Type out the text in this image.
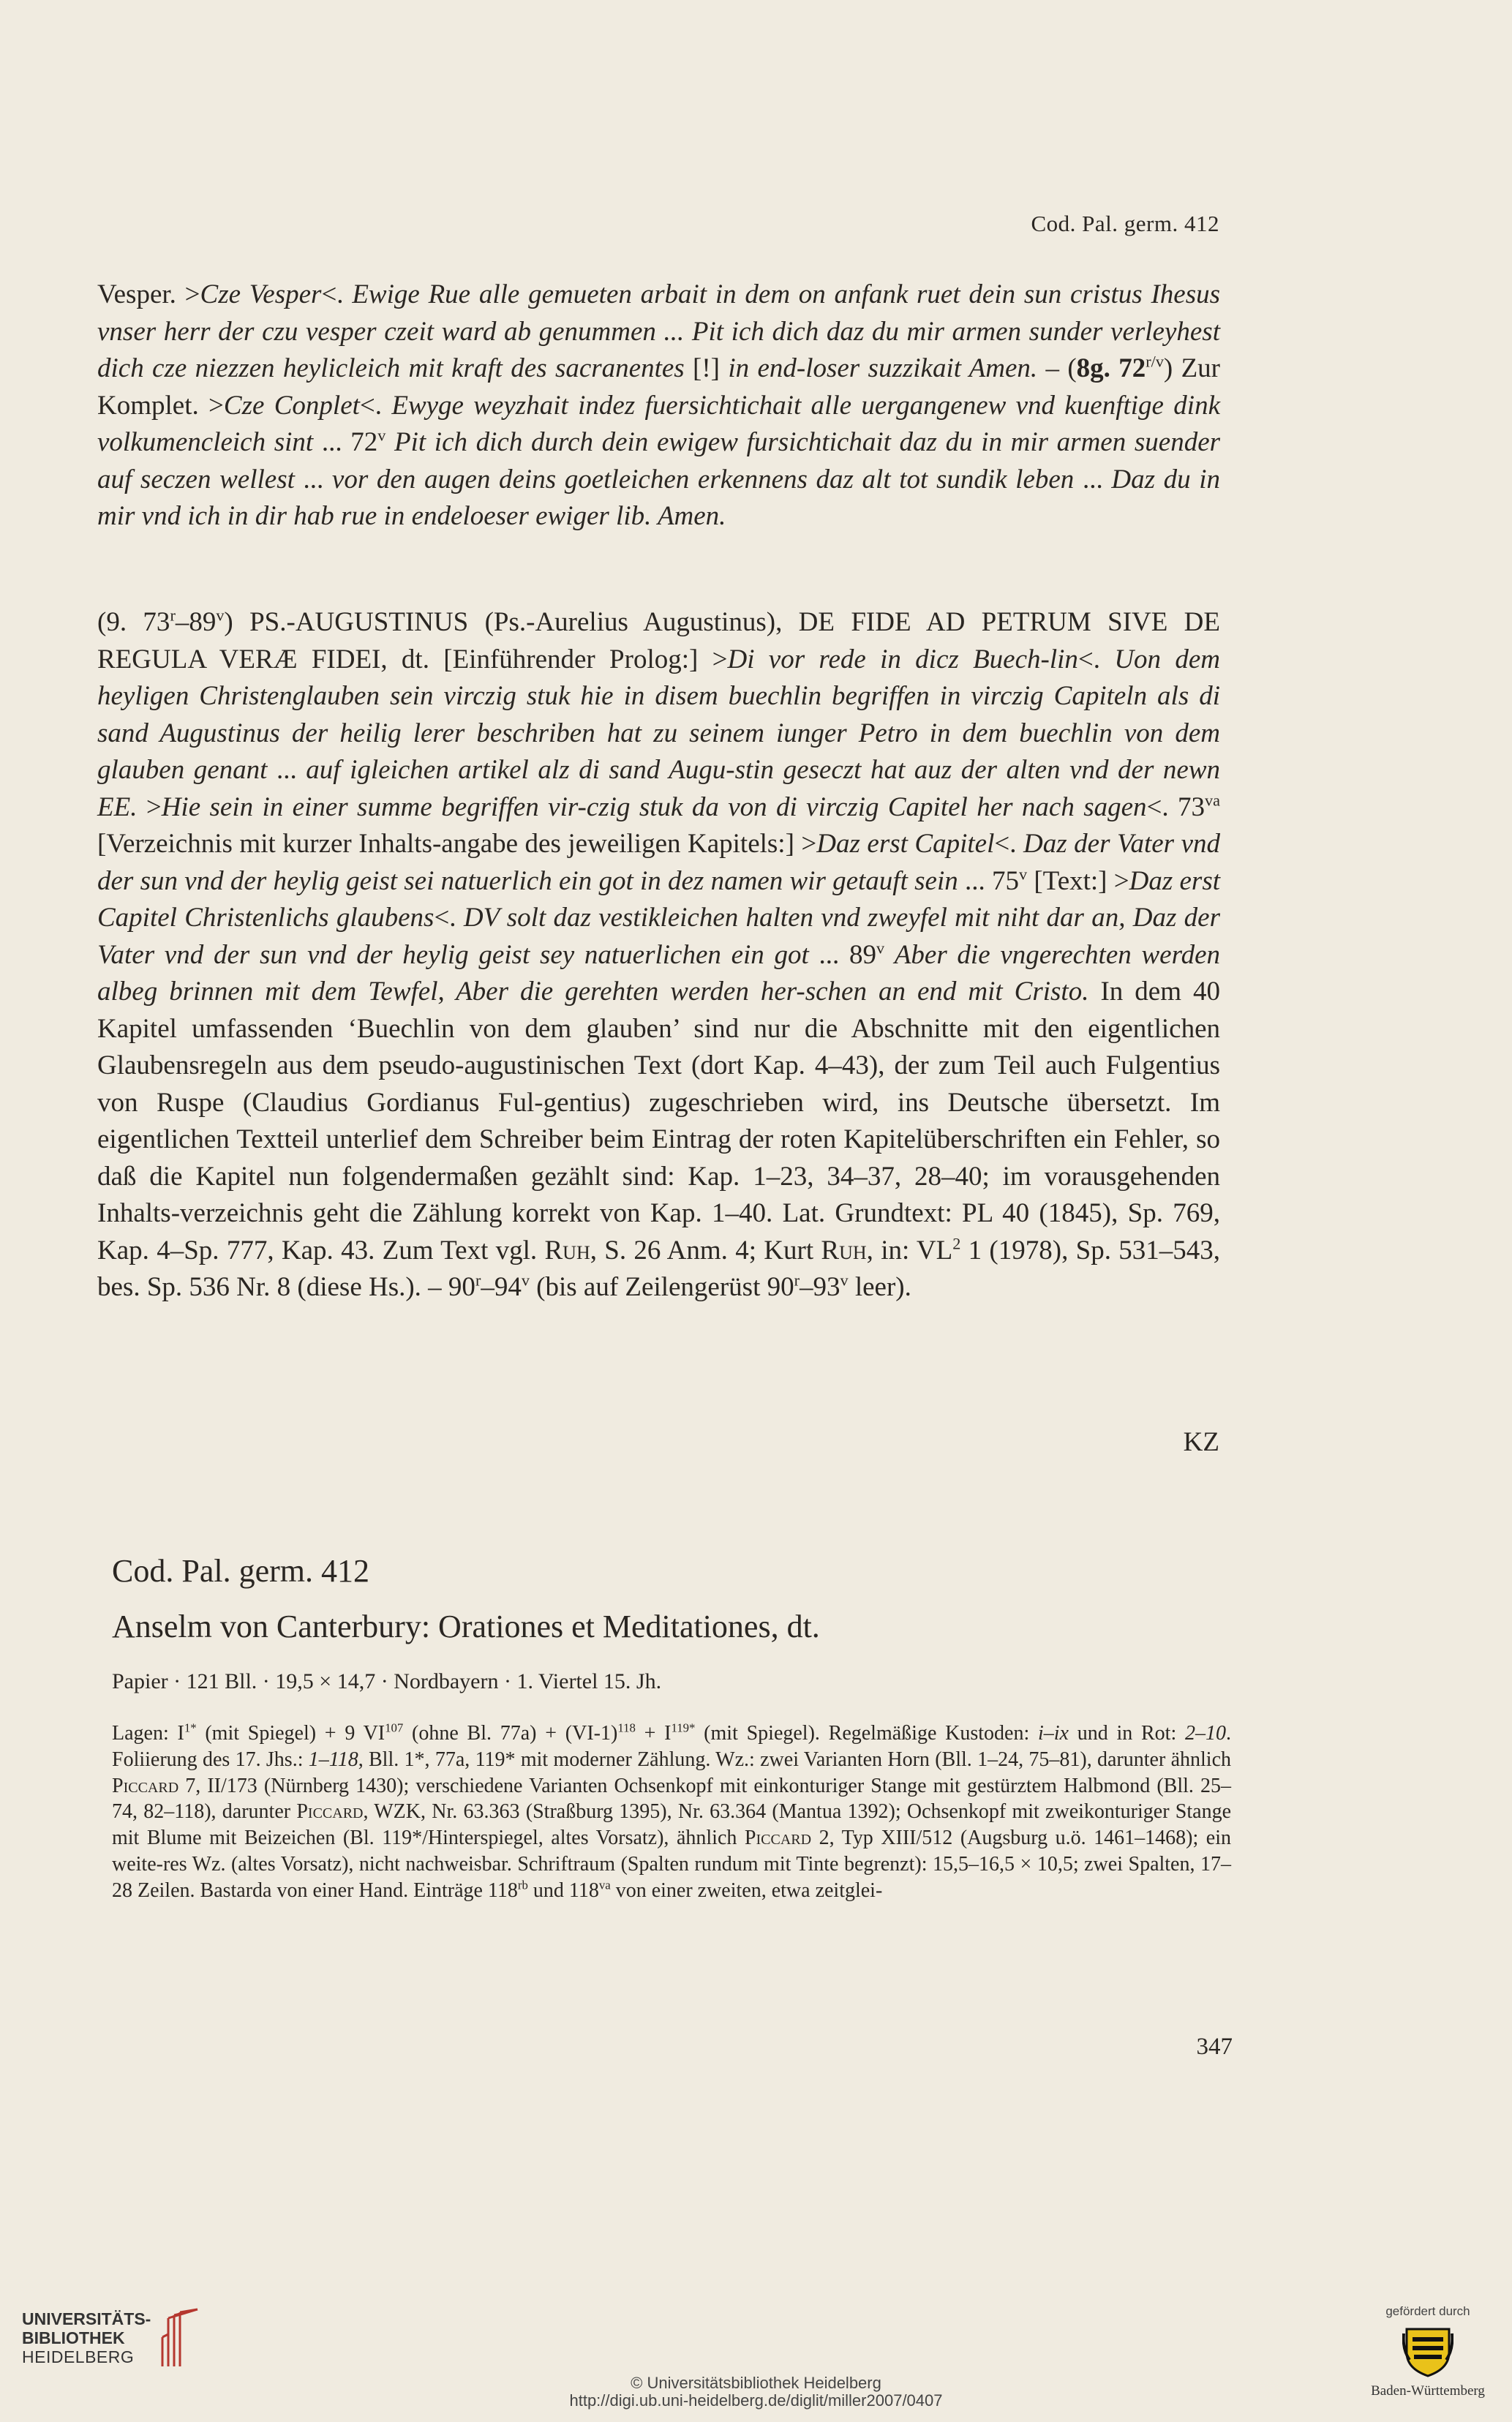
Cod. Pal. germ. 412

Vesper. >Cze Vesper<. Ewige Rue alle gemueten arbait in dem on anfank ruet dein sun cristus Ihesus vnser herr der czu vesper czeit ward ab genummen ... Pit ich dich daz du mir armen sunder verleyhest dich cze niezzen heylicleich mit kraft des sacranentes [!] in end-loser suzzikait Amen. – (8g. $72^{r/v}$) Zur Komplet. >Cze Conplet<. Ewyge weyzhait indez fuersichtichait alle uergangenew vnd kuenftige dink volkumencleich sint ... 72$^v$ Pit ich dich durch dein ewigew fursichtichait daz du in mir armen suender auf seczen wellest ... vor den augen deins goetleichen erkennens daz alt tot sundik leben ... Daz du in mir vnd ich in dir hab rue in endeloeser ewiger lib. Amen.

(9. 73$^r$–89$^v$) PS.-AUGUSTINUS (Ps.-Aurelius Augustinus), DE FIDE AD PETRUM SIVE DE REGULA VERÆ FIDEI, dt. [Einführender Prolog:] >Di vor rede in dicz Buech-lin<. Uon dem heyligen Christenglauben sein virczig stuk hie in disem buechlin begriffen in virczig Capiteln als di sand Augustinus der heilig lerer beschriben hat zu seinem iunger Petro in dem buechlin von dem glauben genant ... auf igleichen artikel alz di sand Augu-stin geseczt hat auz der alten vnd der newn EE. >Hie sein in einer summe begriffen vir-czig stuk da von di virczig Capitel her nach sagen<. $73^{va}$ [Verzeichnis mit kurzer Inhalts-angabe des jeweiligen Kapitels:] >Daz erst Capitel<. Daz der Vater vnd der sun vnd der heylig geist sei natuerlich ein got in dez namen wir getauft sein ... 75$^v$ [Text:] >Daz erst Capitel Christenlichs glaubens<. DV solt daz vestikleichen halten vnd zweyfel mit niht dar an, Daz der Vater vnd der sun vnd der heylig geist sey natuerlichen ein got ... 89$^v$ Aber die vngerechten werden albeg brinnen mit dem Tewfel, Aber die gerehten werden her-schen an end mit Cristo. In dem 40 Kapitel umfassenden ‘Buechlin von dem glauben’ sind nur die Abschnitte mit den eigentlichen Glaubensregeln aus dem pseudo-augustinischen Text (dort Kap. 4–43), der zum Teil auch Fulgentius von Ruspe (Claudius Gordianus Ful-gentius) zugeschrieben wird, ins Deutsche übersetzt. Im eigentlichen Textteil unterlief dem Schreiber beim Eintrag der roten Kapitelüberschriften ein Fehler, so daß die Kapitel nun folgendermaßen gezählt sind: Kap. 1–23, 34–37, 28–40; im vorausgehenden Inhalts-verzeichnis geht die Zählung korrekt von Kap. 1–40. Lat. Grundtext: PL 40 (1845), Sp. 769, Kap. 4–Sp. 777, Kap. 43. Zum Text vgl. Ruh, S. 26 Anm. 4; Kurt Ruh, in: $VL^2$ 1 (1978), Sp. 531–543, bes. Sp. 536 Nr. 8 (diese Hs.). – 90$^r$–94$^v$ (bis auf Zeilengerüst 90$^r$–93$^v$ leer).

KZ
Cod. Pal. germ. 412
Anselm von Canterbury: Orationes et Meditationes, dt.
Papier · 121 Bll. · 19,5 × 14,7 · Nordbayern · 1. Viertel 15. Jh.
Lagen: $I^{1*}$ (mit Spiegel) + 9 VI$^{107}$ (ohne Bl. $77a) + (VI-1)^{118} + I^{119*}$ (mit Spiegel). Regelmäßige Kustoden: i–ix und in Rot: 2–10. Foliierung des 17. Jhs.: 1–118, Bll. 1*, 77a, 119* mit moderner Zählung. Wz.: zwei Varianten Horn (Bll. 1–24, 75–81), darunter ähnlich Piccard 7, II/173 (Nürnberg 1430); verschiedene Varianten Ochsenkopf mit einkonturiger Stange mit gestürztem Halbmond (Bll. 25–74, 82–118), darunter Piccard, WZK, Nr. 63.363 (Straßburg 1395), Nr. 63.364 (Mantua 1392); Ochsenkopf mit zweikonturiger Stange mit Blume mit Beizeichen (Bl. 119*/Hinterspiegel, altes Vorsatz), ähnlich Piccard 2, Typ XIII/512 (Augsburg u.ö. 1461–1468); ein weite-res Wz. (altes Vorsatz), nicht nachweisbar. Schriftraum (Spalten rundum mit Tinte begrenzt): 15,5–16,5 × 10,5; zwei Spalten, 17–28 Zeilen. Bastarda von einer Hand. Einträge $118^{rb}$ und $118^{va}$ von einer zweiten, etwa zeitglei-
347
UNIVERSITÄTS-
BIBLIOTHEK
HEIDELBERG
© Universitätsbibliothek Heidelberg
http://digi.ub.uni-heidelberg.de/diglit/miller2007/0407
gefördert durch
Baden-Württemberg
